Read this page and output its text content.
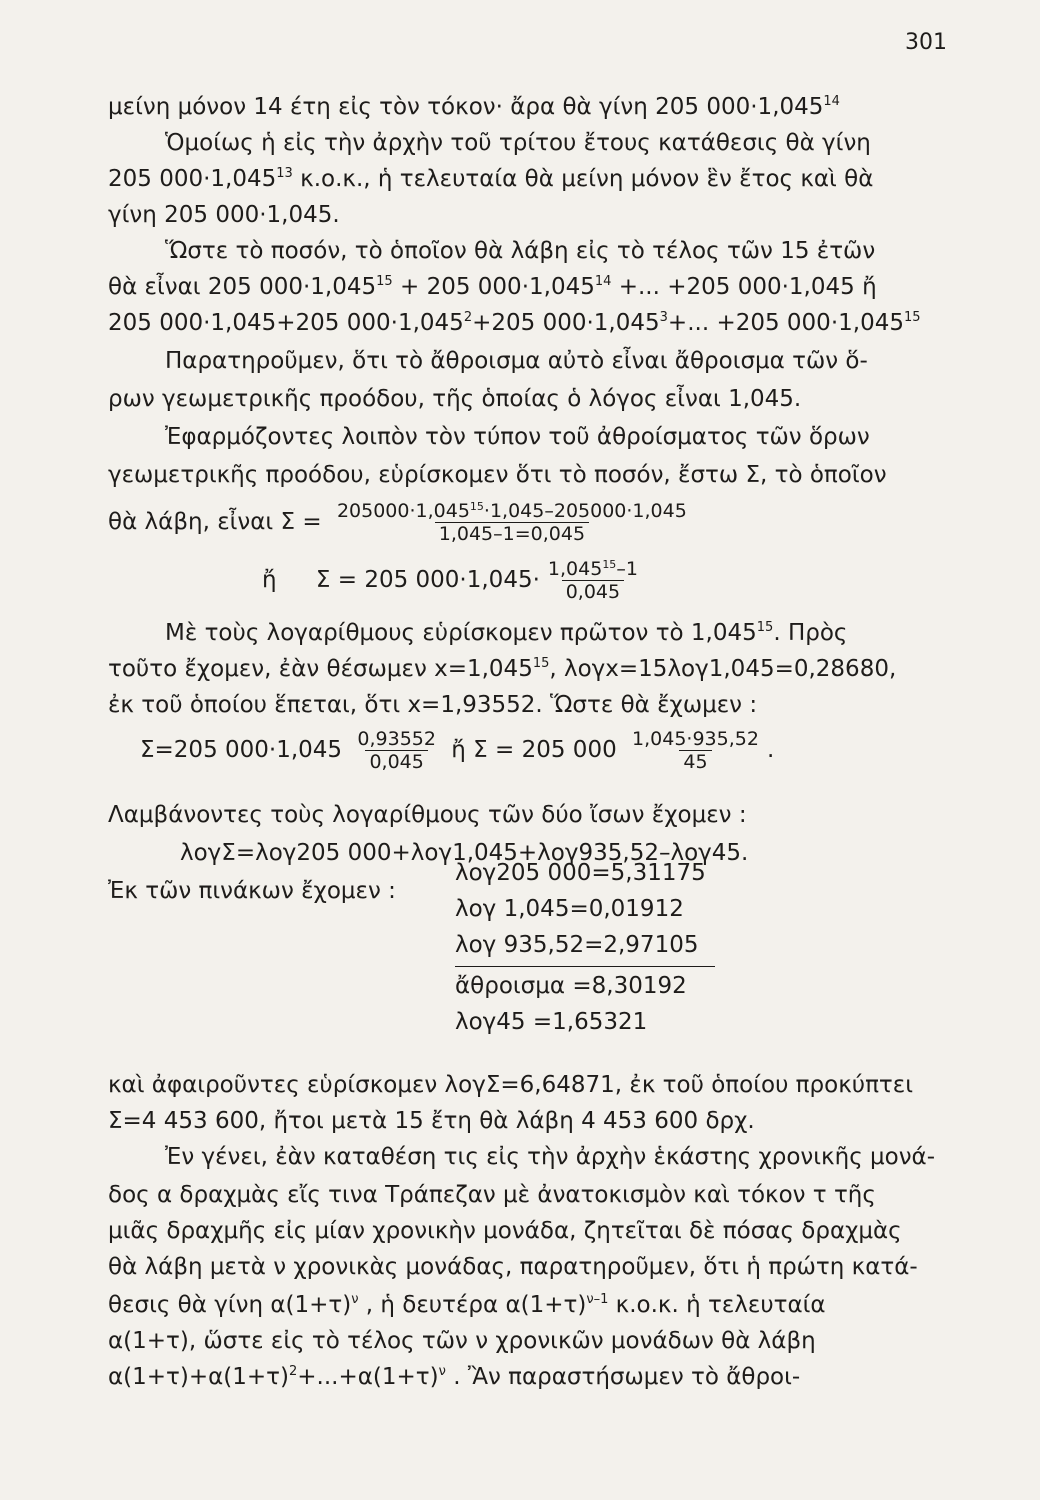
301
μείνη μόνον 14 έτη εἰς τὸν τόκον· ἄρα θὰ γίνη 205 $000\cdot 1,045^{14}$
Ὁμοίως ἡ εἰς τὴν ἀρχὴν τοῦ τρίτου ἔτους κατάθεσις θὰ γίνη
205 $000\cdot 1,045^{13}$ κ.ο.κ., ἡ τελευταία θὰ μείνη μόνον ἓν ἔτος καὶ θὰ
γίνη 205 000·1,045.
Ὥστε τὸ ποσόν, τὸ ὁποῖον θὰ λάβη εἰς τὸ τέλος τῶν 15 ἐτῶν
θὰ εἶναι 205 $000\cdot 1,045^{15} + 205$ $000\cdot 1,045^{14}$ +... +205 000·1,045 ἤ
205 000·1,045+205 $000\cdot 1,045^2+205$ $000\cdot 1,045^3+$... +205 $000\cdot 1,045^{15}$
Παρατηροῦμεν, ὅτι τὸ ἄθροισμα αὐτὸ εἶναι ἄθροισμα τῶν ὅ-
ρων γεωμετρικῆς προόδου, τῆς ὁποίας ὁ λόγος εἶναι 1,045.
Ἐφαρμόζοντες λοιπὸν τὸν τύπον τοῦ ἀθροίσματος τῶν ὅρων
γεωμετρικῆς προόδου, εὑρίσκομεν ὅτι τὸ ποσόν, ἔστω Σ, τὸ ὁποῖον
θὰ λάβη, εἶναι $\Sigma = \frac{205000\cdot 1,045^{15}\cdot 1,045-205000\cdot 1,045}{1,045-1=0,045}$
ἤ Σ = 205 $000\cdot 1,045\cdot \frac{1,045^{15}-1}{0,045}$
Μὲ τοὺς λογαρίθμους εὑρίσκομεν πρῶτον τὸ 1,045$^{15}$. Πρὸς
τοῦτο ἔχομεν, ἐὰν θέσωμεν $x=1,045^{15}$, λογx=15λογ1,045=0,28680,
ἐκ τοῦ ὁποίου ἕπεται, ὅτι x=1,93552. Ὥστε θὰ ἔχωμεν :
Σ=205 $000\cdot 1,045 \frac{0,93552}{0,045}$ ἤ Σ = 205 $000 \frac{1,045\cdot 935,52}{45}$ .
Λαμβάνοντες τοὺς λογαρίθμους τῶν δύο ἴσων ἔχομεν :
λογΣ=λογ205 000+λογ1,045+λογ935,52–λογ45.
Ἐκ τῶν πινάκων ἔχομεν :
λογ205 000=5,31175
λογ 1,045=0,01912
λογ 935,52=2,97105
ἄθροισμα =8,30192
λογ45 =1,65321
καὶ ἀφαιροῦντες εὑρίσκομεν λογΣ=6,64871, ἐκ τοῦ ὁποίου προκύπτει
Σ=4 453 600, ἤτοι μετὰ 15 ἔτη θὰ λάβη 4 453 600 δρχ.
Ἐν γένει, ἐὰν καταθέση τις εἰς τὴν ἀρχὴν ἑκάστης χρονικῆς μονά-
δος α δραχμὰς εἴς τινα Τράπεζαν μὲ ἀνατοκισμὸν καὶ τόκον τ τῆς
μιᾶς δραχμῆς εἰς μίαν χρονικὴν μονάδα, ζητεῖται δὲ πόσας δραχμὰς
θὰ λάβη μετὰ ν χρονικὰς μονάδας, παρατηροῦμεν, ὅτι ἡ πρώτη κατά-
θεσις θὰ γίνη $\alpha(1+\tau)^\nu$ , ἡ δευτέρα $\alpha(1+\tau)^{\nu-1}$ κ.ο.κ. ἡ τελευταία
α(1+τ), ὥστε εἰς τὸ τέλος τῶν ν χρονικῶν μονάδων θὰ λάβη
$\alpha(1+\tau)+\alpha(1+\tau)^2+...+\alpha(1+\tau)^\nu$ . Ἂν παραστήσωμεν τὸ ἄθροι-
